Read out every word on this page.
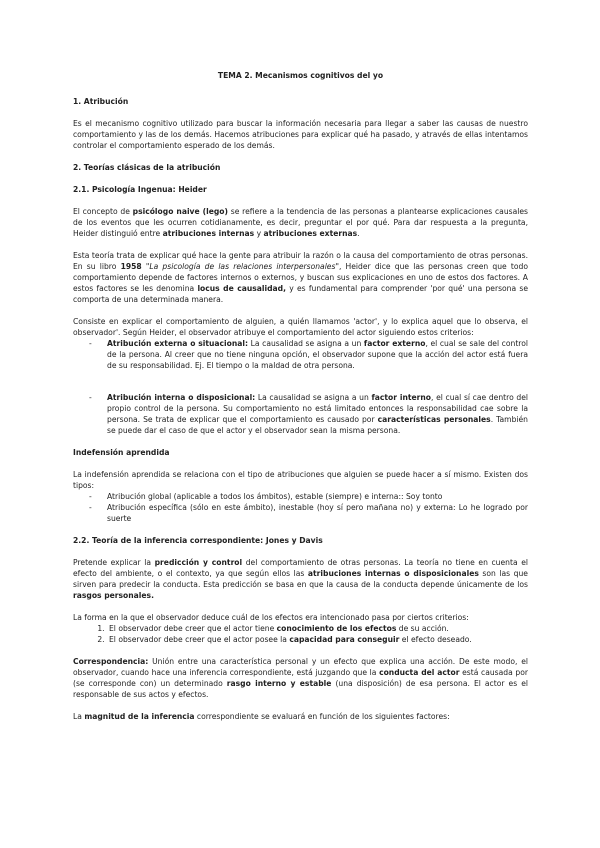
TEMA 2. Mecanismos cognitivos del yo
1. Atribución

Es el mecanismo cognitivo utilizado para buscar la información necesaria para llegar a saber las causas de nuestro comportamiento y las de los demás. Hacemos atribuciones para explicar qué ha pasado, y através de ellas intentamos controlar el comportamiento esperado de los demás.

2. Teorías clásicas de la atribución
2.1. Psicología Ingenua: Heider

El concepto de psicólogo naive (lego) se refiere a la tendencia de las personas a plantearse explicaciones causales de los eventos que les ocurren cotidianamente, es decir, preguntar el por qué. Para dar respuesta a la pregunta, Heider distinguió entre atribuciones internas y atribuciones externas.

Esta teoría trata de explicar qué hace la gente para atribuir la razón o la causa del comportamiento de otras personas. En su libro 1958 "La psicología de las relaciones interpersonales", Heider dice que las personas creen que todo comportamiento depende de factores internos o externos, y buscan sus explicaciones en uno de estos dos factores. A estos factores se les denomina locus de causalidad, y es fundamental para comprender 'por qué' una persona se comporta de una determinada manera.

Consiste en explicar el comportamiento de alguien, a quién llamamos 'actor', y lo explica aquel que lo observa, el observador'. Según Heider, el observador atribuye el comportamiento del actor siguiendo estos criterios:

- Atribución externa o situacional: La causalidad se asigna a un factor externo, el cual se sale del control de la persona. Al creer que no tiene ninguna opción, el observador supone que la acción del actor está fuera de su responsabilidad. Ej. El tiempo o la maldad de otra persona.
- Atribución interna o disposicional: La causalidad se asigna a un factor interno, el cual sí cae dentro del propio control de la persona. Su comportamiento no está limitado entonces la responsabilidad cae sobre la persona. Se trata de explicar que el comportamiento es causado por características personales. También se puede dar el caso de que el actor y el observador sean la misma persona.
Indefensión aprendida

La indefensión aprendida se relaciona con el tipo de atribuciones que alguien se puede hacer a sí mismo. Existen dos tipos:

- Atribución global (aplicable a todos los ámbitos), estable (siempre) e interna:: Soy tonto
- Atribución específica (sólo en este ámbito), inestable (hoy sí pero mañana no) y externa: Lo he logrado por suerte
2.2. Teoría de la inferencia correspondiente: Jones y Davis

Pretende explicar la predicción y control del comportamiento de otras personas. La teoría no tiene en cuenta el efecto del ambiente, o el contexto, ya que según ellos las atribuciones internas o disposicionales son las que sirven para predecir la conducta. Esta predicción se basa en que la causa de la conducta depende únicamente de los rasgos personales.

La forma en la que el observador deduce cuál de los efectos era intencionado pasa por ciertos criterios:

1. El observador debe creer que el actor tiene conocimiento de los efectos de su acción.
2. El observador debe creer que el actor posee la capacidad para conseguir el efecto deseado.

Correspondencia: Unión entre una característica personal y un efecto que explica una acción. De este modo, el observador, cuando hace una inferencia correspondiente, está juzgando que la conducta del actor está causada por (se corresponde con) un determinado rasgo interno y estable (una disposición) de esa persona. El actor es el responsable de sus actos y efectos.

La magnitud de la inferencia correspondiente se evaluará en función de los siguientes factores:
